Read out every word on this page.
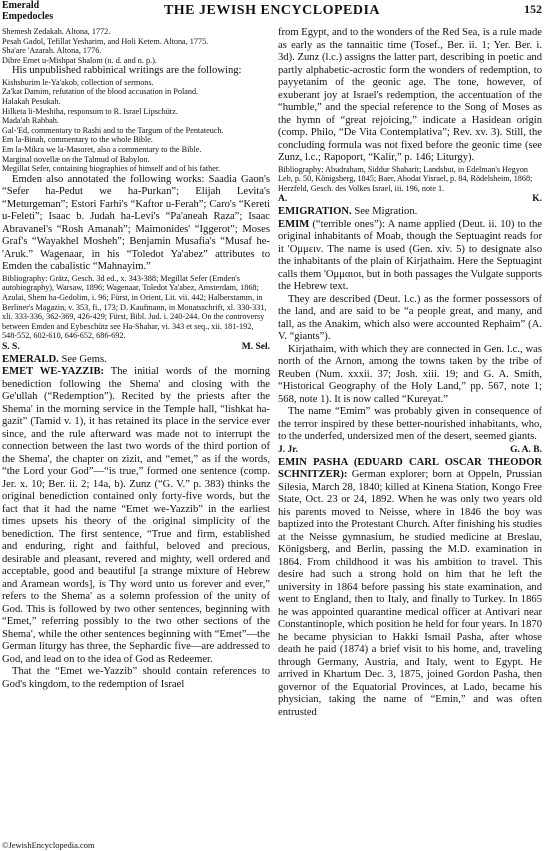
Emerald
Empedocles	THE JEWISH ENCYCLOPEDIA	152

Shemesh Zedakah. Altona, 1772.

Pesah Gadol, Tefillat Yesharim, and Holi Ketem. Altona, 1775.

Sha'are 'Azarah. Altona, 1776.

Dibre Emet u-Mishpat Shalom (n. d. and n. p.).

His unpublished rabbinical writings are the following:

Kishshurim le-Ya'akob, collection of sermons.

Za'kat Damim, refutation of the blood accusation in Poland.

Halakah Pesukah.

Hilketa li-Meshiha, responsum to R. Israel Lipschütz.

Mada'ah Rabbah.

Gal-'Ed, commentary to Rashi and to the Targum of the Pentateuch.

Em la-Binah, commentary to the whole Bible.

Em la-Mikra we la-Masoret, also a commentary to the Bible.

Marginal novellæ on the Talmud of Babylon.

Megillat Sefer, containing biographies of himself and of his father.

Emden also annotated the following works: Saadia Gaon's “Sefer ha-Pedut we ha-Purkan”; Elijah Levita's “Meturgeman”; Estori Farhi's “Kaftor u-Ferah”; Caro's “Kereti u-Feleti”; Isaac b. Judah ha-Levi's “Pa'aneah Raza”; Isaac Abravanel's “Rosh Amanah”; Maimonides' “Iggerot”; Moses Graf's “Wayakhel Mosheh”; Benjamin Musafia's “Musaf he-'Aruk.” Wagenaar, in his “Toledot Ya'abez” attributes to Emden the cabalistic “Mahnayim.”

Bibliography: Grätz, Gesch. 3d ed., x. 343-388; Megillat Sefer (Emden's autobiography), Warsaw, 1896; Wagenaar, Toledot Ya'abez, Amsterdam, 1868; Azulai, Shem ha-Gedolim, i. 96; Fürst, in Orient, Lit. vii. 442; Halberstamm, in Berliner's Magazin, v. 353, fi., 173; D. Kaufmann, in Monatsschrift, xl. 330-331, xli. 333-336, 362-369, 426-429; Fürst, Bibl. Jud. i. 240-244. On the controversy between Emden and Eybeschütz see Ha-Shahar, vi. 343 et seq., xii. 181-192, 548-552, 602-610, 646-652, 686-692.

S. S.	M. Sel.

EMERALD. See Gems.

EMET WE-YAZZIB: The initial words of the morning benediction following the Shema' and closing with the Ge'ullah (“Redemption”). Recited by the priests after the Shema' in the morning service in the Temple hall, “lishkat ha-gazit” (Tamid v. 1), it has retained its place in the service ever since, and the rule afterward was made not to interrupt the connection between the last two words of the third portion of the Shema', the chapter on zizit, and “emet,” as if the words, “the Lord your God”—“is true,” formed one sentence (comp. Jer. x. 10; Ber. ii. 2; 14a, b). Zunz (“G. V.” p. 383) thinks the original benediction contained only forty-five words, but the fact that it had the name “Emet we-Yazzib” in the earliest times upsets his theory of the original simplicity of the benediction. The first sentence, “True and firm, established and enduring, right and faithful, beloved and precious, desirable and pleasant, revered and mighty, well ordered and acceptable, good and beautiful [a strange mixture of Hebrew and Aramean words], is Thy word unto us forever and ever,” refers to the Shema' as a solemn profession of the unity of God. This is followed by two other sentences, beginning with “Emet,” referring possibly to the two other sections of the Shema', while the other sentences beginning with “Emet”—the German liturgy has three, the Sephardic five—are addressed to God, and lead on to the idea of God as Redeemer.

That the “Emet we-Yazzib” should contain references to God's kingdom, to the redemption of Israel

from Egypt, and to the wonders of the Red Sea, is a rule made as early as the tannaitic time (Tosef., Ber. ii. 1; Yer. Ber. i. 3d). Zunz (l.c.) assigns the latter part, describing in poetic and partly alphabetic-acrostic form the wonders of redemption, to payyetanim of the geonic age. The tone, however, of exuberant joy at Israel's redemption, the accentuation of the “humble,” and the special reference to the Song of Moses as the hymn of “great rejoicing,” indicate a Hasidean origin (comp. Philo, “De Vita Contemplativa”; Rev. xv. 3). Still, the concluding formula was not fixed before the geonic time (see Zunz, l.c.; Rapoport, “Kalir,” p. 146; Liturgy).

Bibliography: Abudraham, Siddur Shaharit; Landshut, in Edelman's Hegyon Leb, p. 50, Königsberg, 1845; Baer, Abodat Yisrael, p. 84, Rödelsheim, 1868; Herzfeld, Gesch. des Volkes Israel, iii. 196, note 1.

A.	K.

EMIGRATION. See Migration.

EMIM (“terrible ones”): A name applied (Deut. ii. 10) to the original inhabitants of Moab, though the Septuagint reads for it 'Ομμειν. The name is used (Gen. xiv. 5) to designate also the inhabitants of the plain of Kirjathaim. Here the Septuagint calls them 'Ομμαιοι, but in both passages the Vulgate supports the Hebrew text.

They are described (Deut. l.c.) as the former possessors of the land, and are said to be “a people great, and many, and tall, as the Anakim, which also were accounted Rephaim” (A. V. “giants”).

Kirjathaim, with which they are connected in Gen. l.c., was north of the Arnon, among the towns taken by the tribe of Reuben (Num. xxxii. 37; Josh. xiii. 19; and G. A. Smith, “Historical Geography of the Holy Land,” pp. 567, note 1; 568, note 1). It is now called “Kureyat.”

The name “Emim” was probably given in consequence of the terror inspired by these better-nourished inhabitants, who, to the underfed, undersized men of the desert, seemed giants.

J. Jr.	G. A. B.

EMIN PASHA (EDUARD CARL OSCAR THEODOR SCHNITZER): German explorer; born at Oppeln, Prussian Silesia, March 28, 1840; killed at Kinena Station, Kongo Free State, Oct. 23 or 24, 1892. When he was only two years old his parents moved to Neisse, where in 1846 the boy was baptized into the Protestant Church. After finishing his studies at the Neisse gymnasium, he studied medicine at Breslau, Königsberg, and Berlin, passing the M.D. examination in 1864. From childhood it was his ambition to travel. This desire had such a strong hold on him that he left the university in 1864 before passing his state examination, and went to England, then to Italy, and finally to Turkey. In 1865 he was appointed quarantine medical officer at Antivari near Constantinople, which position he held for four years. In 1870 he became physician to Hakki Ismail Pasha, after whose death he paid (1874) a brief visit to his home, and, traveling through Germany, Austria, and Italy, went to Egypt. He arrived in Khartum Dec. 3, 1875, joined Gordon Pasha, then governor of the Equatorial Provinces, at Lado, became his physician, taking the name of “Emin,” and was often entrusted

©JewishEncyclopedia.com
